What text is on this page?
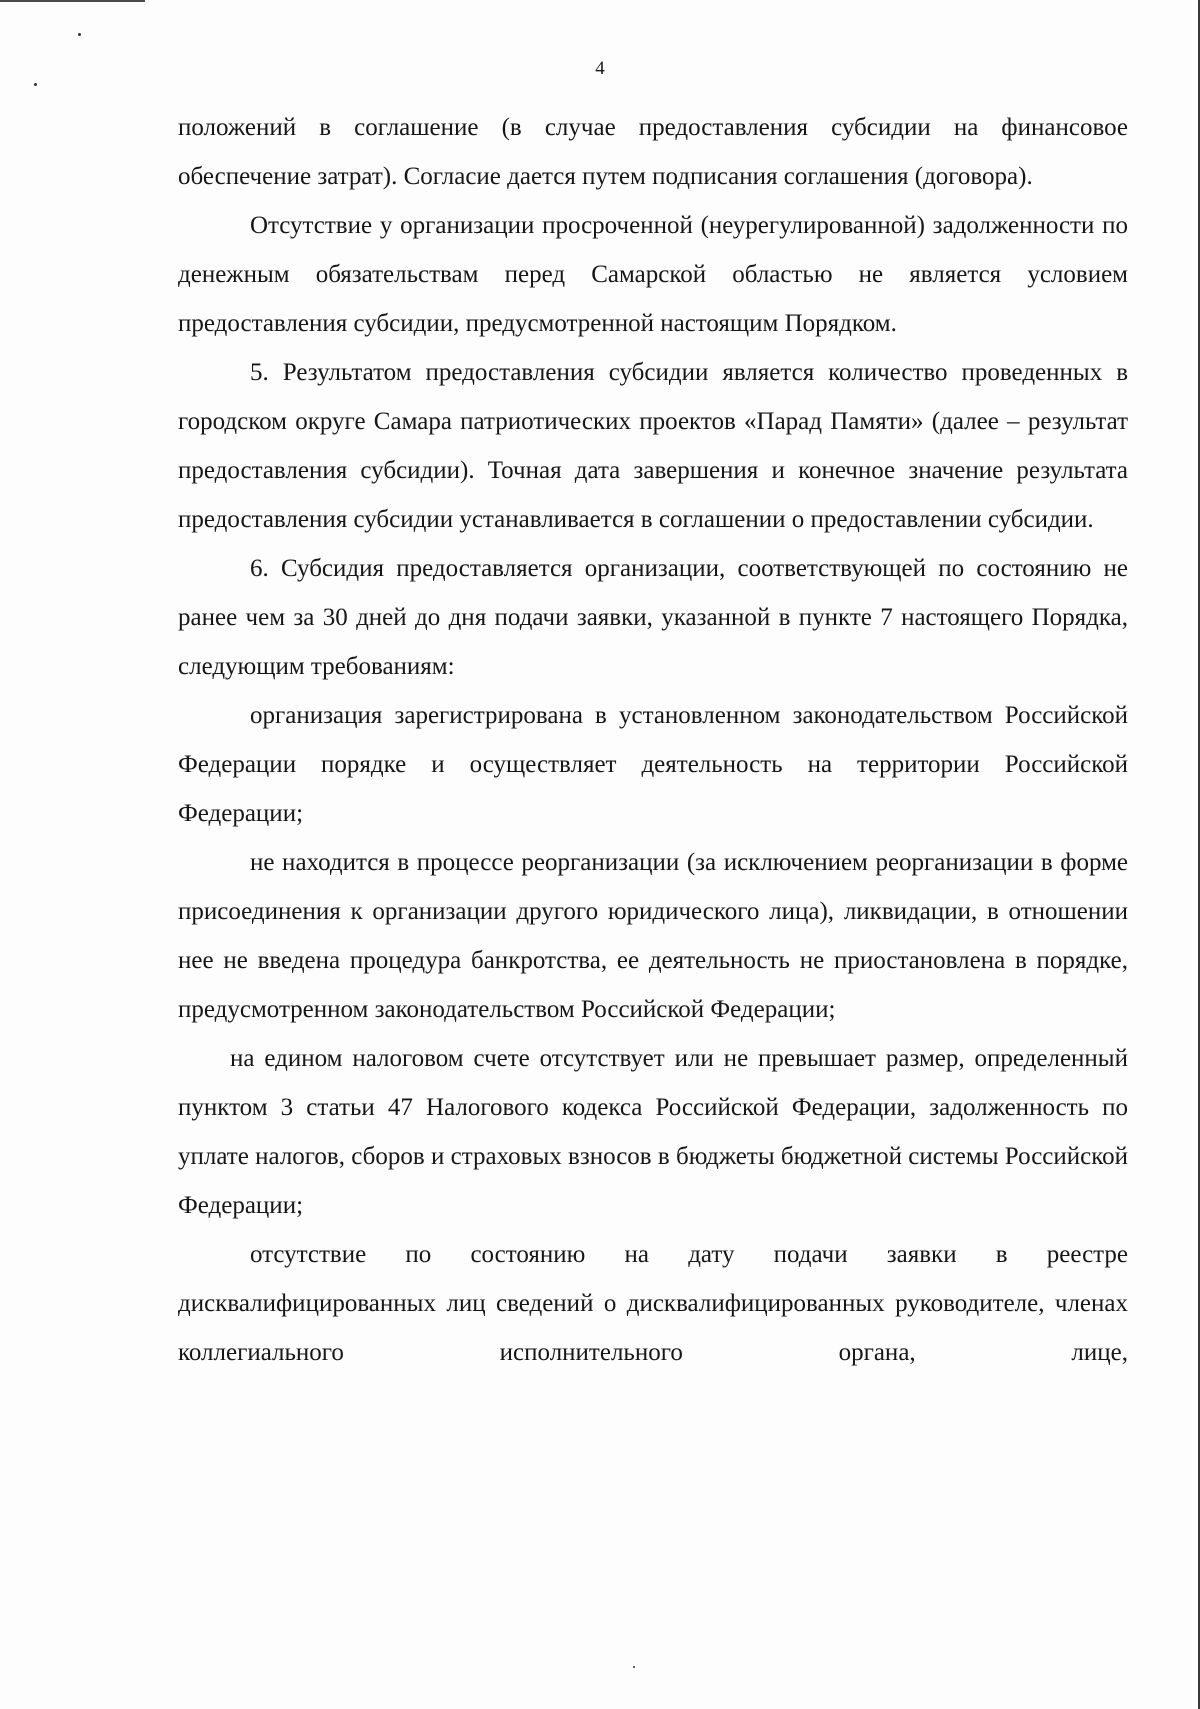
4

положений в соглашение (в случае предоставления субсидии на финансовое обеспечение затрат). Согласие дается путем подписания соглашения (договора).

Отсутствие у организации просроченной (неурегулированной) задолженности по денежным обязательствам перед Самарской областью не является условием предоставления субсидии, предусмотренной настоящим Порядком.

5. Результатом предоставления субсидии является количество проведенных в городском округе Самара патриотических проектов «Парад Памяти» (далее – результат предоставления субсидии). Точная дата завершения и конечное значение результата предоставления субсидии устанавливается в соглашении о предоставлении субсидии.

6. Субсидия предоставляется организации, соответствующей по состоянию не ранее чем за 30 дней до дня подачи заявки, указанной в пункте 7 настоящего Порядка, следующим требованиям:

организация зарегистрирована в установленном законодательством Российской Федерации порядке и осуществляет деятельность на территории Российской Федерации;

не находится в процессе реорганизации (за исключением реорганизации в форме присоединения к организации другого юридического лица), ликвидации, в отношении нее не введена процедура банкротства, ее деятельность не приостановлена в порядке, предусмотренном законодательством Российской Федерации;

на едином налоговом счете отсутствует или не превышает размер, определенный пунктом 3 статьи 47 Налогового кодекса Российской Федерации, задолженность по уплате налогов, сборов и страховых взносов в бюджеты бюджетной системы Российской Федерации;

отсутствие по состоянию на дату подачи заявки в реестре дисквалифицированных лиц сведений о дисквалифицированных руководителе, членах коллегиального исполнительного органа, лице,
